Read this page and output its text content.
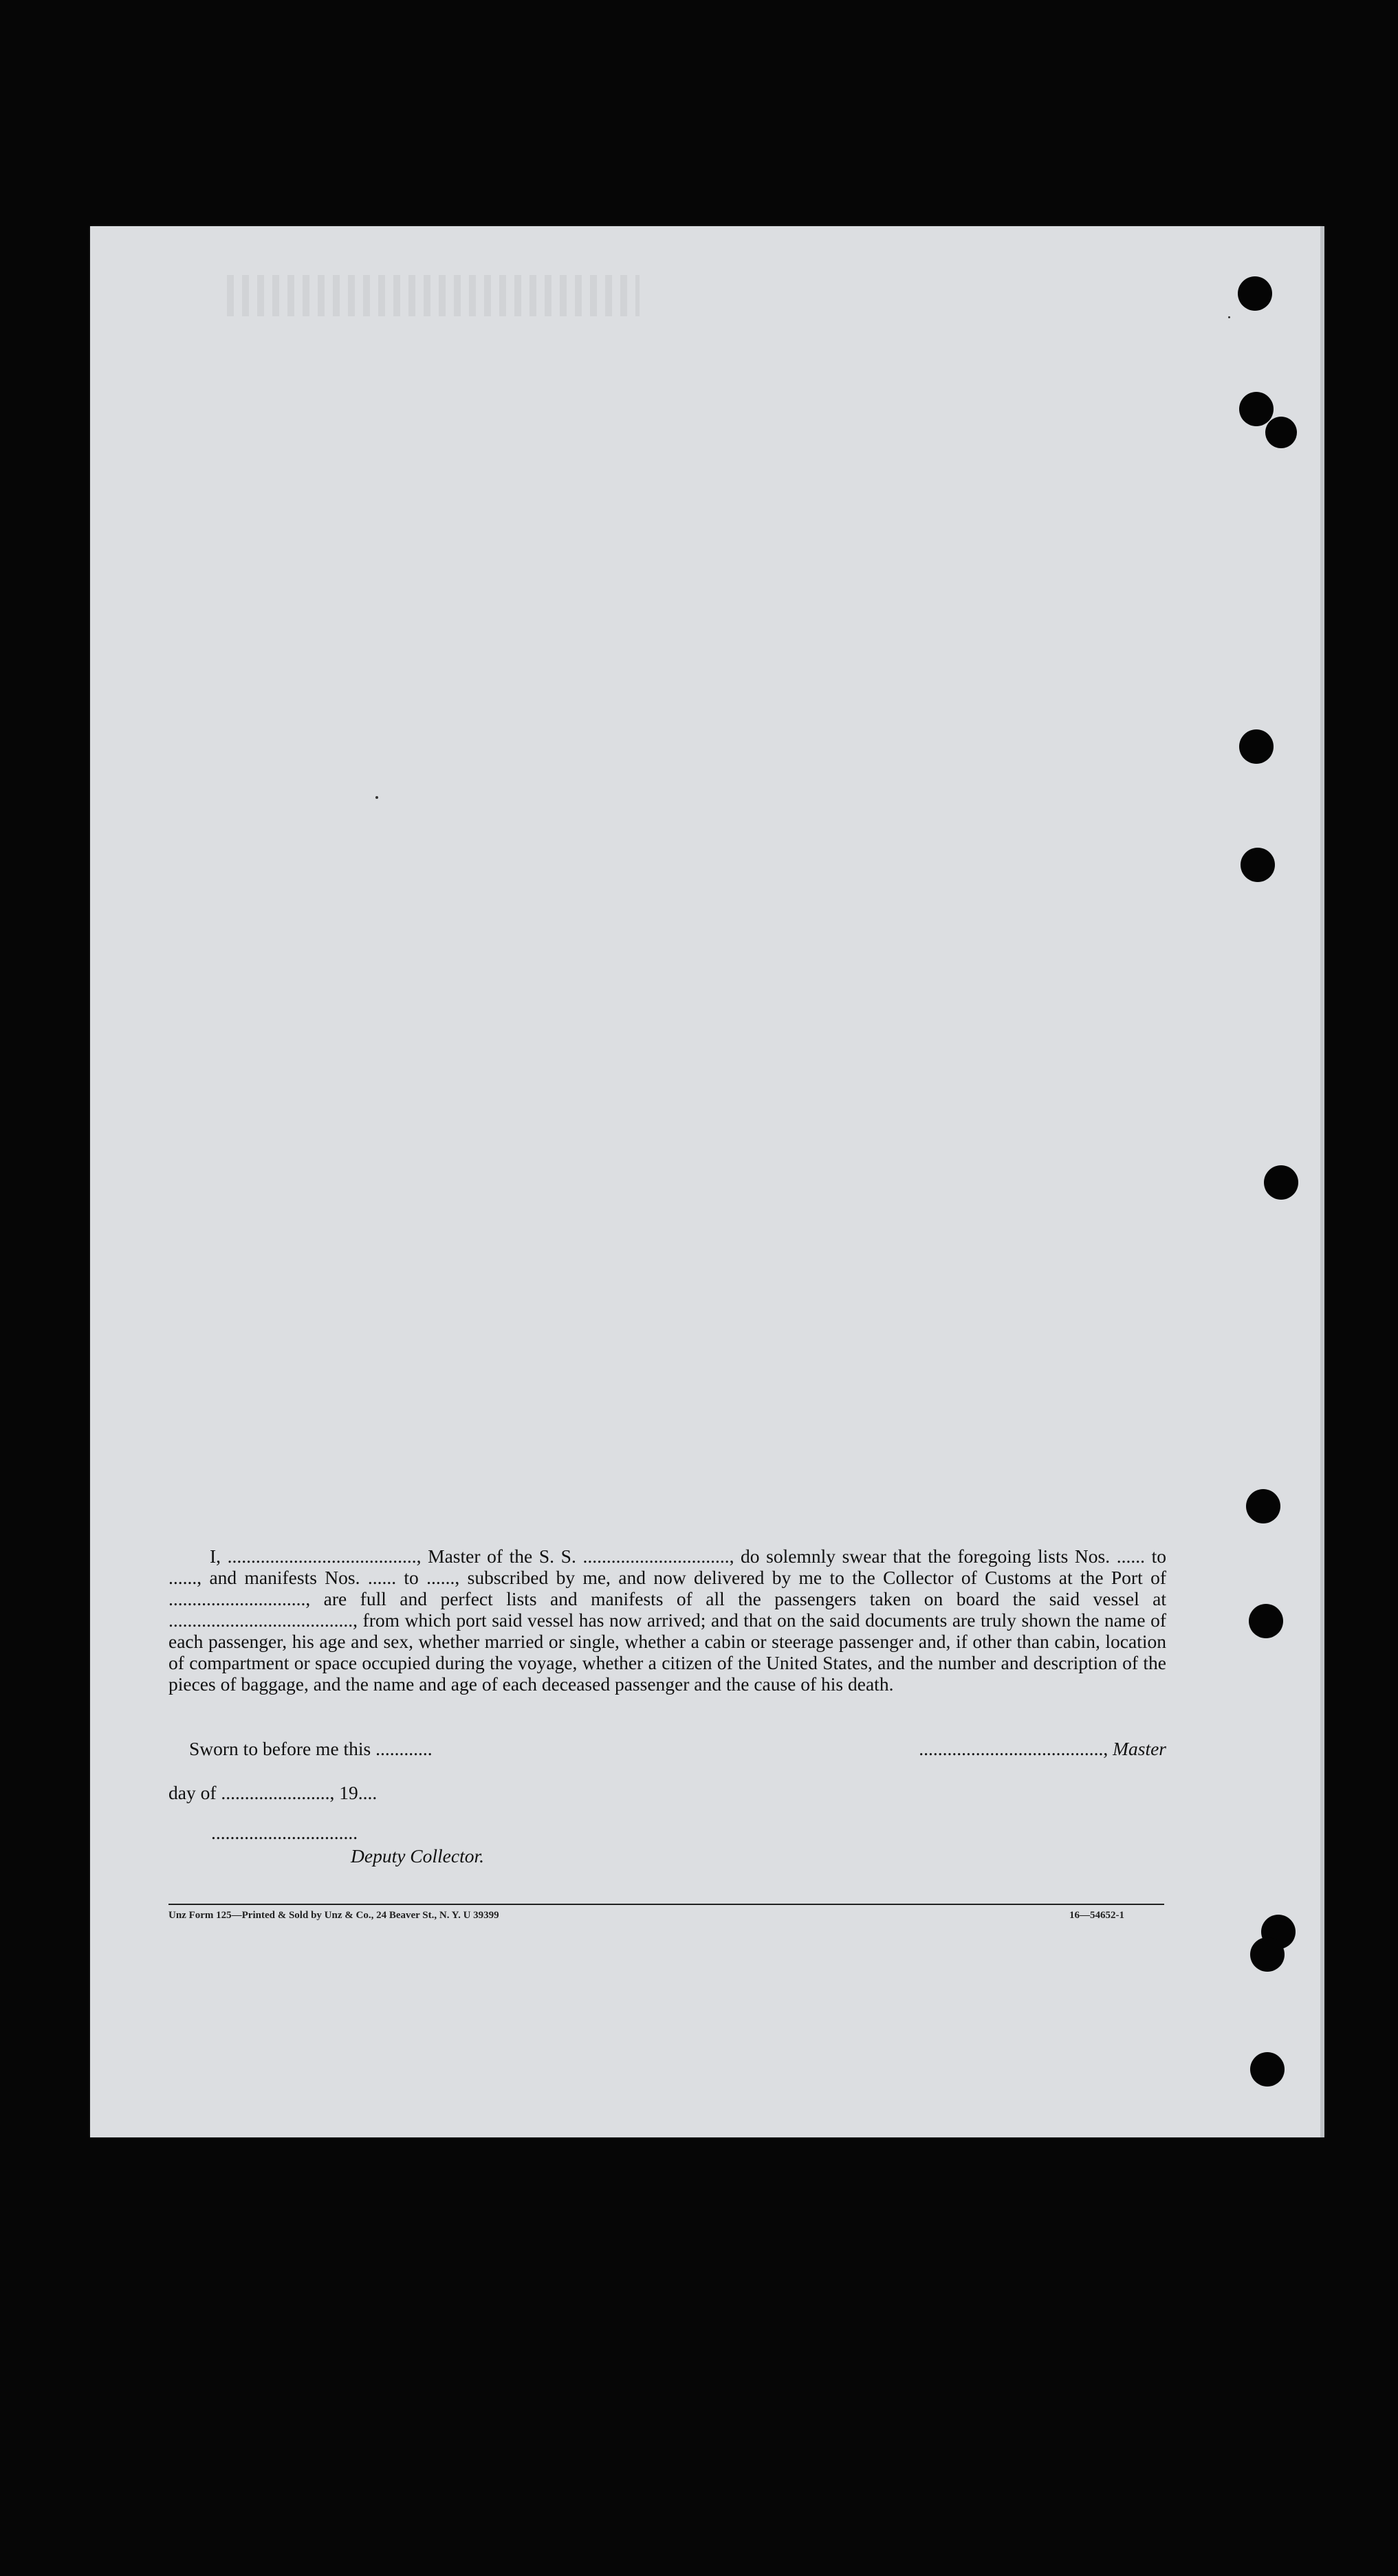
I, ........................................, Master of the S. S. ..............................., do solemnly swear that the foregoing lists Nos. ...... to ......, and manifests Nos. ...... to ......, subscribed by me, and now delivered by me to the Collector of Customs at the Port of ............................., are full and perfect lists and manifests of all the passengers taken on board the said vessel at ......................................., from which port said vessel has now arrived; and that on the said documents are truly shown the name of each passenger, his age and sex, whether married or single, whether a cabin or steerage passenger and, if other than cabin, location of compartment or space occupied during the voyage, whether a citizen of the United States, and the number and description of the pieces of baggage, and the name and age of each deceased passenger and the cause of his death.

Sworn to before me this ............	......................................., Master
day of ......................., 19....
...............................
Deputy Collector.
Unz Form 125—Printed & Sold by Unz & Co., 24 Beaver St., N. Y. U 39399	16—54652-1
